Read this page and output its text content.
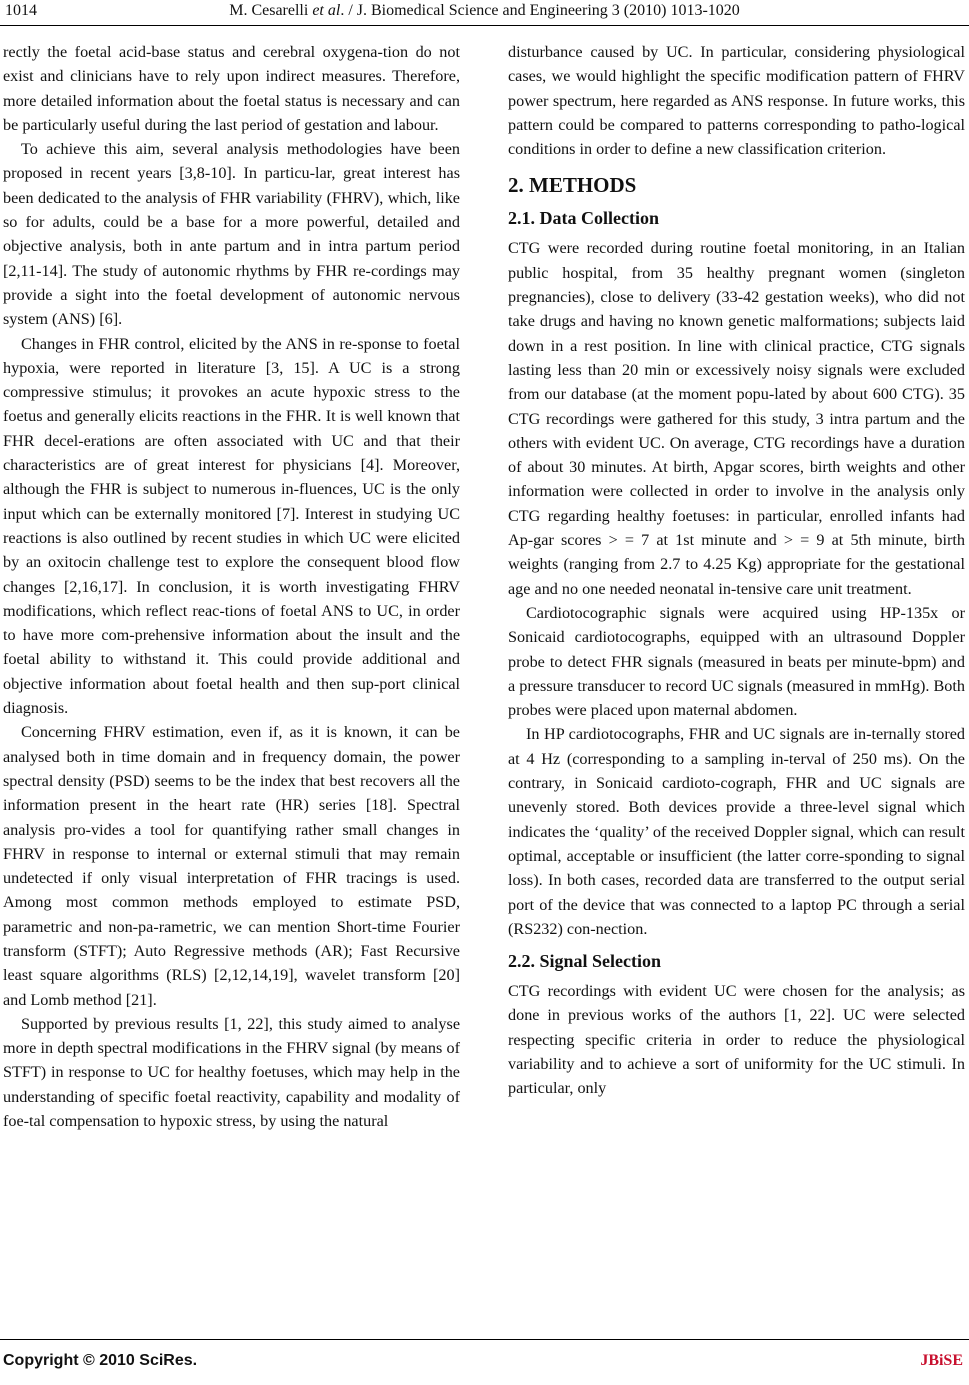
1014	M. Cesarelli et al. / J. Biomedical Science and Engineering 3 (2010) 1013-1020

rectly the foetal acid-base status and cerebral oxygena-tion do not exist and clinicians have to rely upon indirect measures. Therefore, more detailed information about the foetal status is necessary and can be particularly useful during the last period of gestation and labour.

To achieve this aim, several analysis methodologies have been proposed in recent years [3,8-10]. In particu-lar, great interest has been dedicated to the analysis of FHR variability (FHRV), which, like so for adults, could be a base for a more powerful, detailed and objective analysis, both in ante partum and in intra partum period [2,11-14]. The study of autonomic rhythms by FHR re-cordings may provide a sight into the foetal development of autonomic nervous system (ANS) [6].

Changes in FHR control, elicited by the ANS in re-sponse to foetal hypoxia, were reported in literature [3, 15]. A UC is a strong compressive stimulus; it provokes an acute hypoxic stress to the foetus and generally elicits reactions in the FHR. It is well known that FHR decel-erations are often associated with UC and that their characteristics are of great interest for physicians [4]. Moreover, although the FHR is subject to numerous in-fluences, UC is the only input which can be externally monitored [7]. Interest in studying UC reactions is also outlined by recent studies in which UC were elicited by an oxitocin challenge test to explore the consequent blood flow changes [2,16,17]. In conclusion, it is worth investigating FHRV modifications, which reflect reac-tions of foetal ANS to UC, in order to have more com-prehensive information about the insult and the foetal ability to withstand it. This could provide additional and objective information about foetal health and then sup-port clinical diagnosis.

Concerning FHRV estimation, even if, as it is known, it can be analysed both in time domain and in frequency domain, the power spectral density (PSD) seems to be the index that best recovers all the information present in the heart rate (HR) series [18]. Spectral analysis pro-vides a tool for quantifying rather small changes in FHRV in response to internal or external stimuli that may remain undetected if only visual interpretation of FHR tracings is used. Among most common methods employed to estimate PSD, parametric and non-pa-rametric, we can mention Short-time Fourier transform (STFT); Auto Regressive methods (AR); Fast Recursive least square algorithms (RLS) [2,12,14,19], wavelet transform [20] and Lomb method [21].

Supported by previous results [1, 22], this study aimed to analyse more in depth spectral modifications in the FHRV signal (by means of STFT) in response to UC for healthy foetuses, which may help in the understanding of specific foetal reactivity, capability and modality of foe-tal compensation to hypoxic stress, by using the natural

disturbance caused by UC. In particular, considering physiological cases, we would highlight the specific modification pattern of FHRV power spectrum, here regarded as ANS response. In future works, this pattern could be compared to patterns corresponding to patho-logical conditions in order to define a new classification criterion.

2. METHODS
2.1. Data Collection

CTG were recorded during routine foetal monitoring, in an Italian public hospital, from 35 healthy pregnant women (singleton pregnancies), close to delivery (33-42 gestation weeks), who did not take drugs and having no known genetic malformations; subjects laid down in a rest position. In line with clinical practice, CTG signals lasting less than 20 min or excessively noisy signals were excluded from our database (at the moment popu-lated by about 600 CTG). 35 CTG recordings were gathered for this study, 3 intra partum and the others with evident UC. On average, CTG recordings have a duration of about 30 minutes. At birth, Apgar scores, birth weights and other information were collected in order to involve in the analysis only CTG regarding healthy foetuses: in particular, enrolled infants had Ap-gar scores > = 7 at 1st minute and > = 9 at 5th minute, birth weights (ranging from 2.7 to 4.25 Kg) appropriate for the gestational age and no one needed neonatal in-tensive care unit treatment.

Cardiotocographic signals were acquired using HP-135x or Sonicaid cardiotocographs, equipped with an ultrasound Doppler probe to detect FHR signals (measured in beats per minute-bpm) and a pressure transducer to record UC signals (measured in mmHg). Both probes were placed upon maternal abdomen.

In HP cardiotocographs, FHR and UC signals are in-ternally stored at 4 Hz (corresponding to a sampling in-terval of 250 ms). On the contrary, in Sonicaid cardioto-cograph, FHR and UC signals are unevenly stored. Both devices provide a three-level signal which indicates the ‘quality’ of the received Doppler signal, which can result optimal, acceptable or insufficient (the latter corre-sponding to signal loss). In both cases, recorded data are transferred to the output serial port of the device that was connected to a laptop PC through a serial (RS232) con-nection.

2.2. Signal Selection

CTG recordings with evident UC were chosen for the analysis; as done in previous works of the authors [1, 22]. UC were selected respecting specific criteria in order to reduce the physiological variability and to achieve a sort of uniformity for the UC stimuli. In particular, only

Copyright © 2010 SciRes.	JBiSE
